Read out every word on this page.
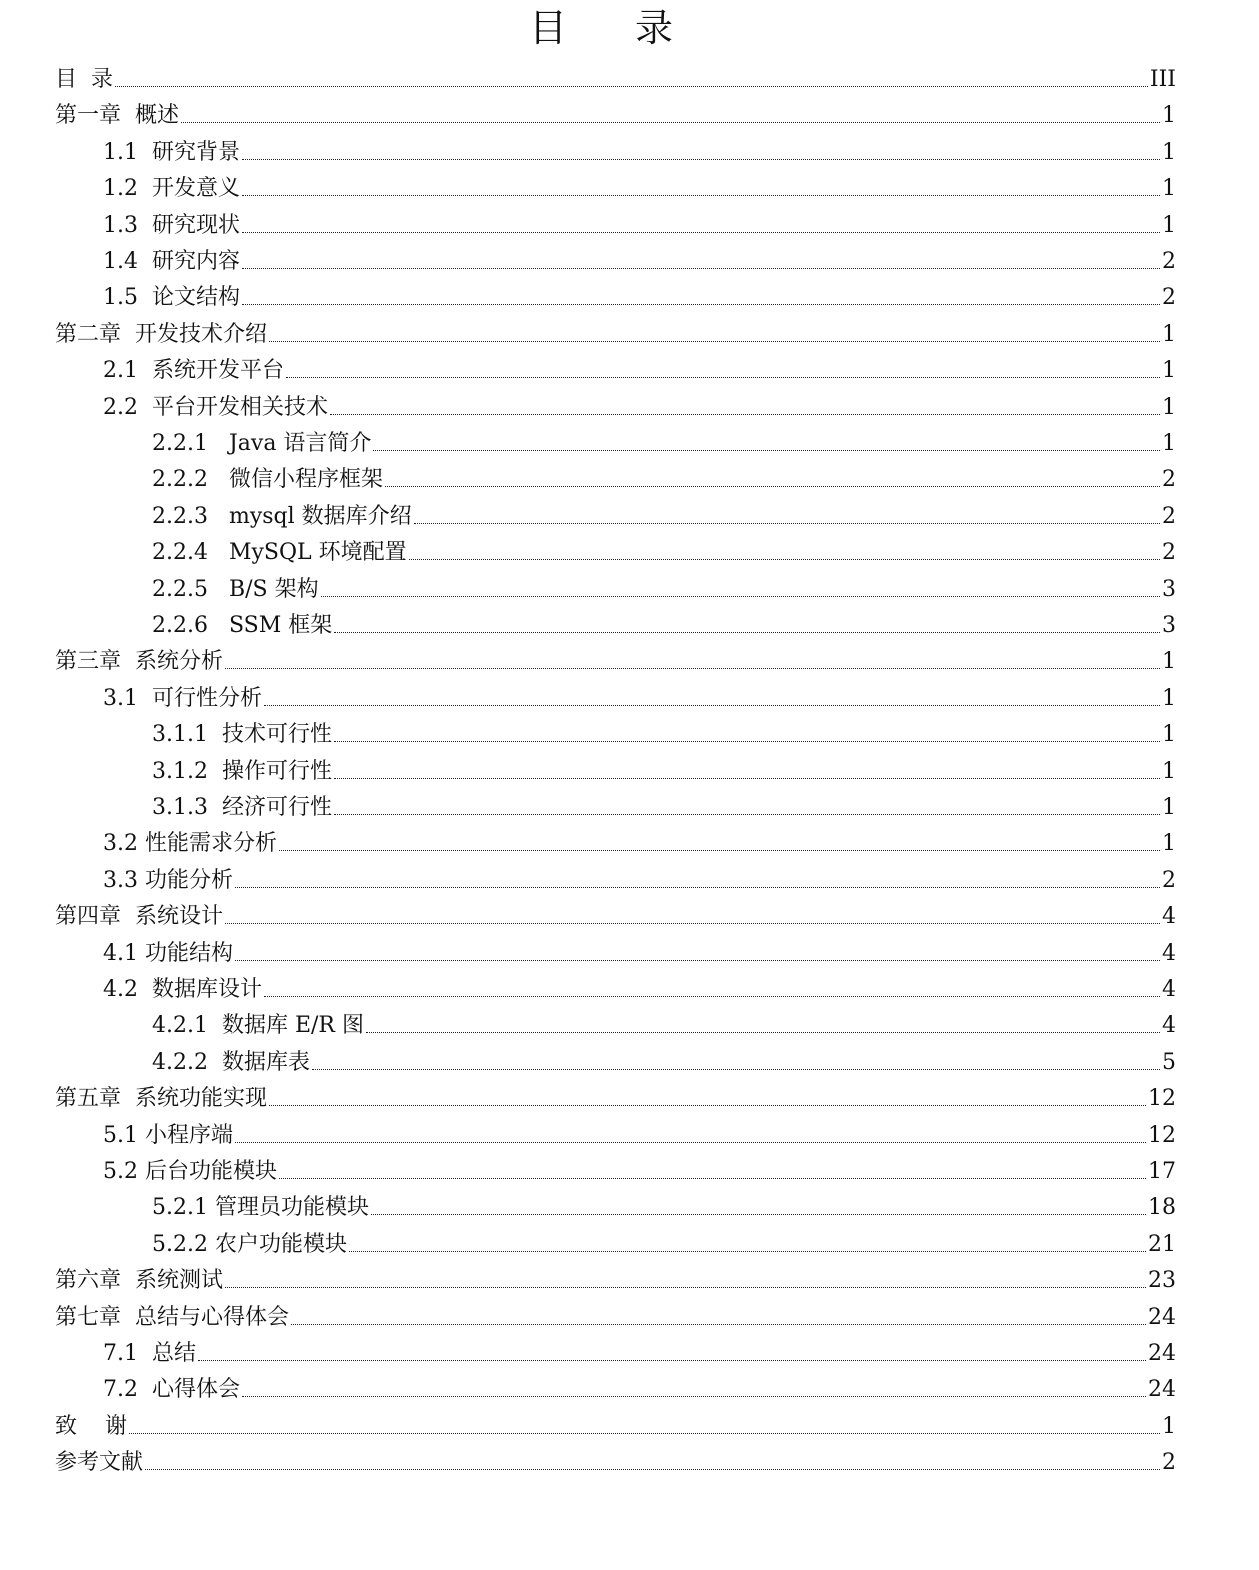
目 录
目  录	III
第一章  概述	1
1.1  研究背景	1
1.2  开发意义	1
1.3  研究现状	1
1.4  研究内容	2
1.5  论文结构	2
第二章  开发技术介绍	1
2.1  系统开发平台	1
2.2  平台开发相关技术	1
2.2.1   Java 语言简介	1
2.2.2   微信小程序框架	2
2.2.3   mysql 数据库介绍	2
2.2.4   MySQL 环境配置	2
2.2.5   B/S 架构	3
2.2.6   SSM 框架	3
第三章  系统分析	1
3.1  可行性分析	1
3.1.1  技术可行性	1
3.1.2  操作可行性	1
3.1.3  经济可行性	1
3.2 性能需求分析	1
3.3 功能分析	2
第四章  系统设计	4
4.1 功能结构	4
4.2  数据库设计	4
4.2.1  数据库 E/R 图	4
4.2.2  数据库表	5
第五章  系统功能实现	12
5.1 小程序端	12
5.2 后台功能模块	17
5.2.1 管理员功能模块	18
5.2.2 农户功能模块	21
第六章  系统测试	23
第七章  总结与心得体会	24
7.1  总结	24
7.2  心得体会	24
致    谢	1
参考文献	2
